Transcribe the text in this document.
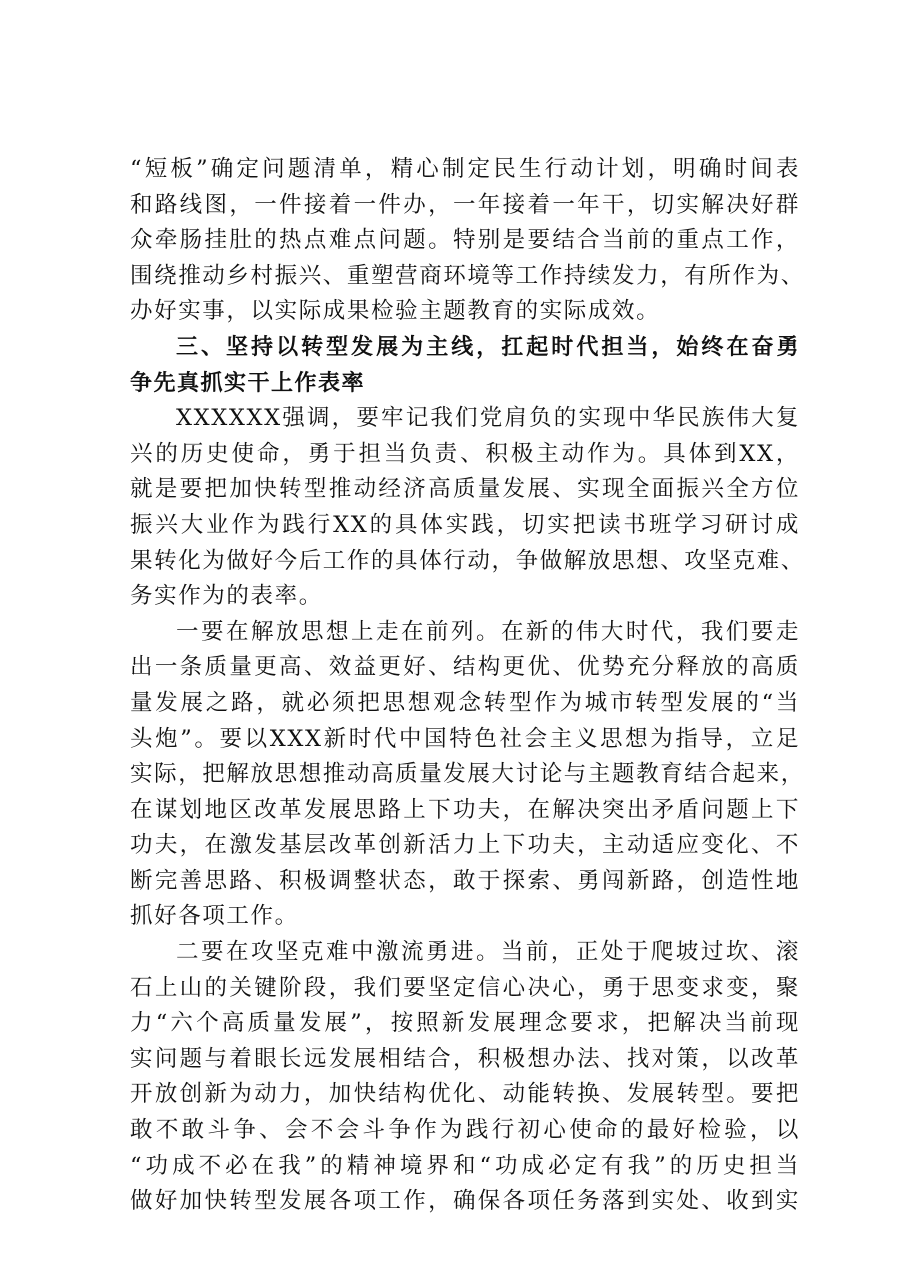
“短板”确定问题清单，精心制定民生行动计划，明确时间表
和路线图，一件接着一件办，一年接着一年干，切实解决好群
众牵肠挂肚的热点难点问题。特别是要结合当前的重点工作，
围绕推动乡村振兴、重塑营商环境等工作持续发力，有所作为、
办好实事，以实际成果检验主题教育的实际成效。
三、坚持以转型发展为主线，扛起时代担当，始终在奋勇
争先真抓实干上作表率
XXXXXX强调，要牢记我们党肩负的实现中华民族伟大复
兴的历史使命，勇于担当负责、积极主动作为。具体到XX，
就是要把加快转型推动经济高质量发展、实现全面振兴全方位
振兴大业作为践行XX的具体实践，切实把读书班学习研讨成
果转化为做好今后工作的具体行动，争做解放思想、攻坚克难、
务实作为的表率。
一要在解放思想上走在前列。在新的伟大时代，我们要走
出一条质量更高、效益更好、结构更优、优势充分释放的高质
量发展之路，就必须把思想观念转型作为城市转型发展的“当
头炮”。要以XXX新时代中国特色社会主义思想为指导，立足
实际，把解放思想推动高质量发展大讨论与主题教育结合起来，
在谋划地区改革发展思路上下功夫，在解决突出矛盾问题上下
功夫，在激发基层改革创新活力上下功夫，主动适应变化、不
断完善思路、积极调整状态，敢于探索、勇闯新路，创造性地
抓好各项工作。
二要在攻坚克难中激流勇进。当前，正处于爬坡过坎、滚
石上山的关键阶段，我们要坚定信心决心，勇于思变求变，聚
力“六个高质量发展”，按照新发展理念要求，把解决当前现
实问题与着眼长远发展相结合，积极想办法、找对策，以改革
开放创新为动力，加快结构优化、动能转换、发展转型。要把
敢不敢斗争、会不会斗争作为践行初心使命的最好检验，以
“功成不必在我”的精神境界和“功成必定有我”的历史担当
做好加快转型发展各项工作，确保各项任务落到实处、收到实
